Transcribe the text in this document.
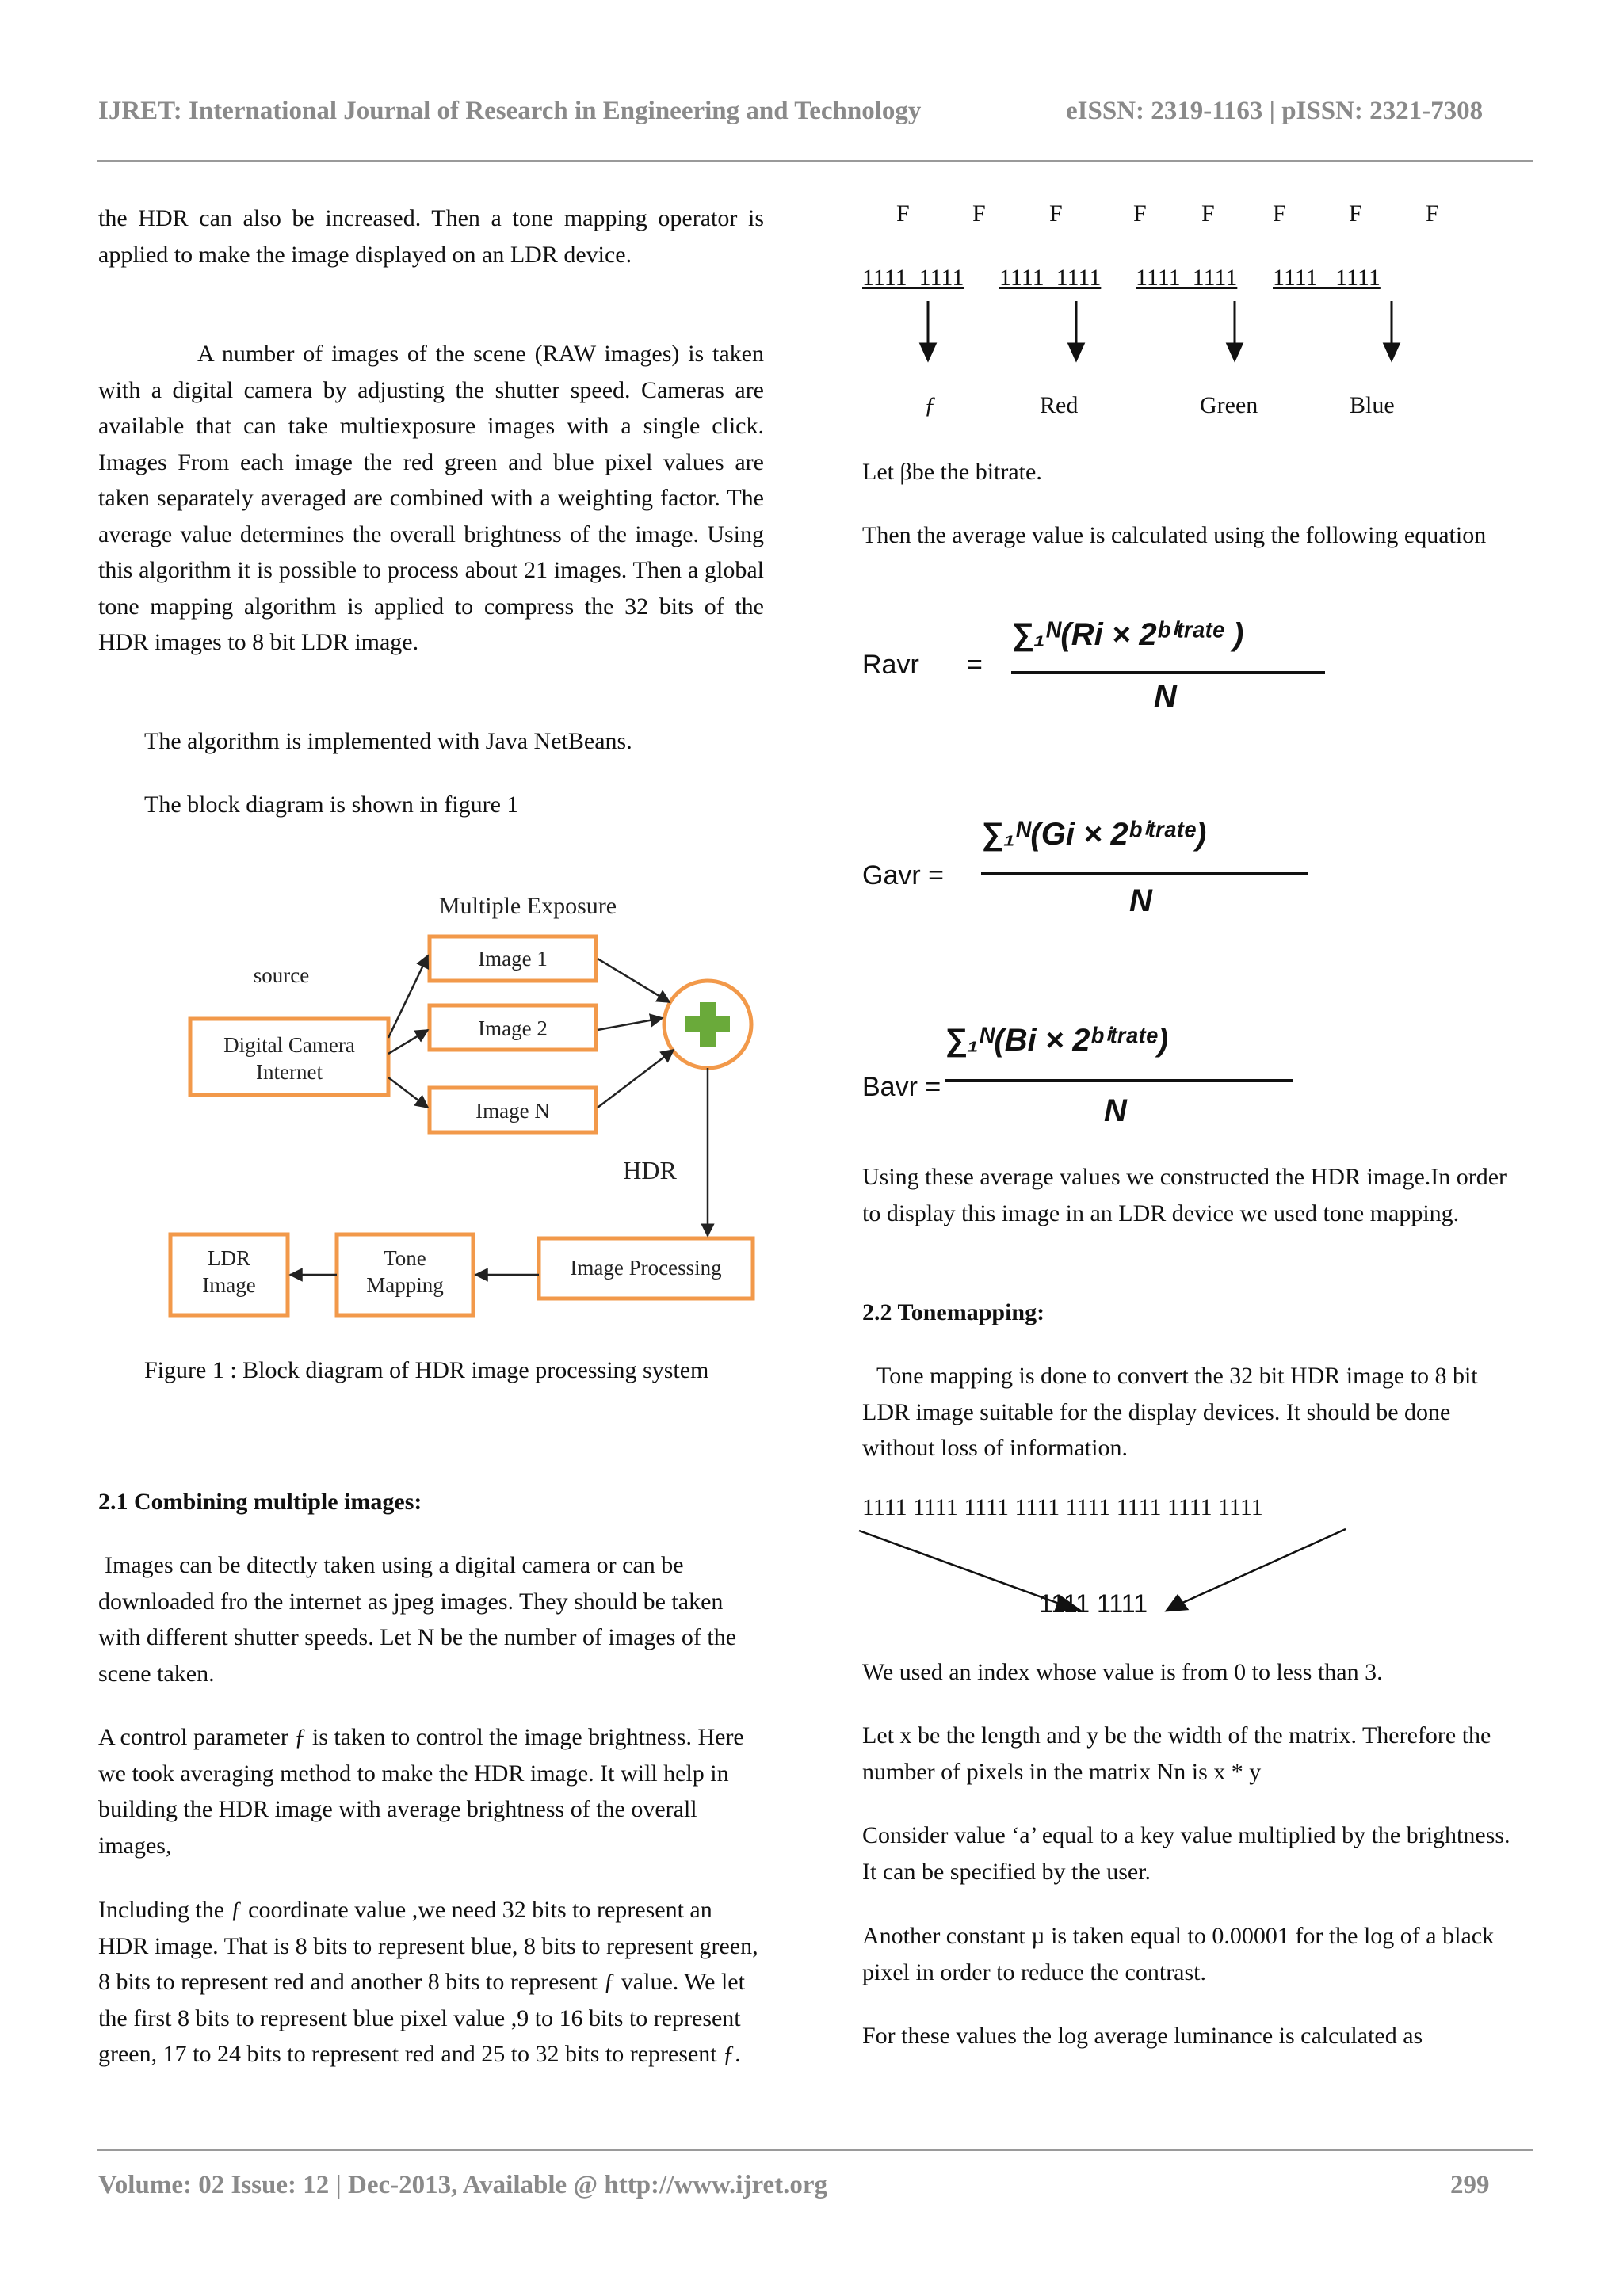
IJRET: International Journal of Research in Engineering and Technology	eISSN: 2319-1163 | pISSN: 2321-7308

the HDR can also be increased. Then a tone mapping operator is applied to make the image displayed on an LDR device.

A number of images of the scene (RAW images) is taken with a digital camera by adjusting the shutter speed. Cameras are available that can take multiexposure images with a single click. Images From each image the red green and blue pixel values are taken separately averaged are combined with a weighting factor. The average value determines the overall brightness of the image. Using this algorithm it is possible to process about 21 images. Then a global tone mapping algorithm is applied to compress the 32 bits of the HDR images to 8 bit LDR image.

The algorithm is implemented with Java NetBeans.

The block diagram is shown in figure 1

Multiple Exposure
source
Digital Camera
Internet
Image 1
Image 2
Image N
HDR
Image Processing
Tone
Mapping
LDR
Image

Figure 1 : Block diagram of HDR image processing system

2.1 Combining multiple images:

Images can be ditectly taken using a digital camera or can be downloaded fro the internet as jpeg images. They should be taken with different shutter speeds. Let N be the number of images of the scene taken.

A control parameter ƒ is taken to control the image brightness. Here we took averaging method to make the HDR image. It will help in building the HDR image with average brightness of the overall images,

Including the ƒ coordinate value ,we need 32 bits to represent an HDR image. That is 8 bits to represent blue, 8 bits to represent green, 8 bits to represent red and another 8 bits to represent ƒ value. We let the first 8 bits to represent blue pixel value ,9 to 16 bits to represent green, 17 to 24 bits to represent red and 25 to 32 bits to represent ƒ.

F	F	F	F F F	F	F
1111  1111 1111  1111 1111  1111 1111   1111
ƒ	Red	Green	Blue

Let βbe the bitrate.

Then the average value is calculated using the following equation

Ravr =
∑₁ᴺ(Ri × 2ᵇⁱᵗʳᵃᵗᵉ )
N
Gavr =
∑₁ᴺ(Gi × 2ᵇⁱᵗʳᵃᵗᵉ)
N
Bavr =
∑₁ᴺ(Bi × 2ᵇⁱᵗʳᵃᵗᵉ)
N

Using these average values we constructed the HDR image.In order to display this image in an LDR device we used tone mapping.

2.2 Tonemapping:

Tone mapping is done to convert the 32 bit HDR image to 8 bit LDR image suitable for the display devices. It should be done without loss of information.

1111 1111 1111 1111 1111 1111 1111 1111
1111 1111

We used an index whose value is from 0 to less than 3.

Let x be the length and y be the width of the matrix. Therefore the number of pixels in the matrix Nn is x * y

Consider value ‘a’ equal to a key value multiplied by the brightness. It can be specified by the user.

Another constant µ is taken equal to 0.00001 for the log of a black pixel in order to reduce the contrast.

For these values the log average luminance is calculated as

Volume: 02 Issue: 12 | Dec-2013, Available @ http://www.ijret.org	299
